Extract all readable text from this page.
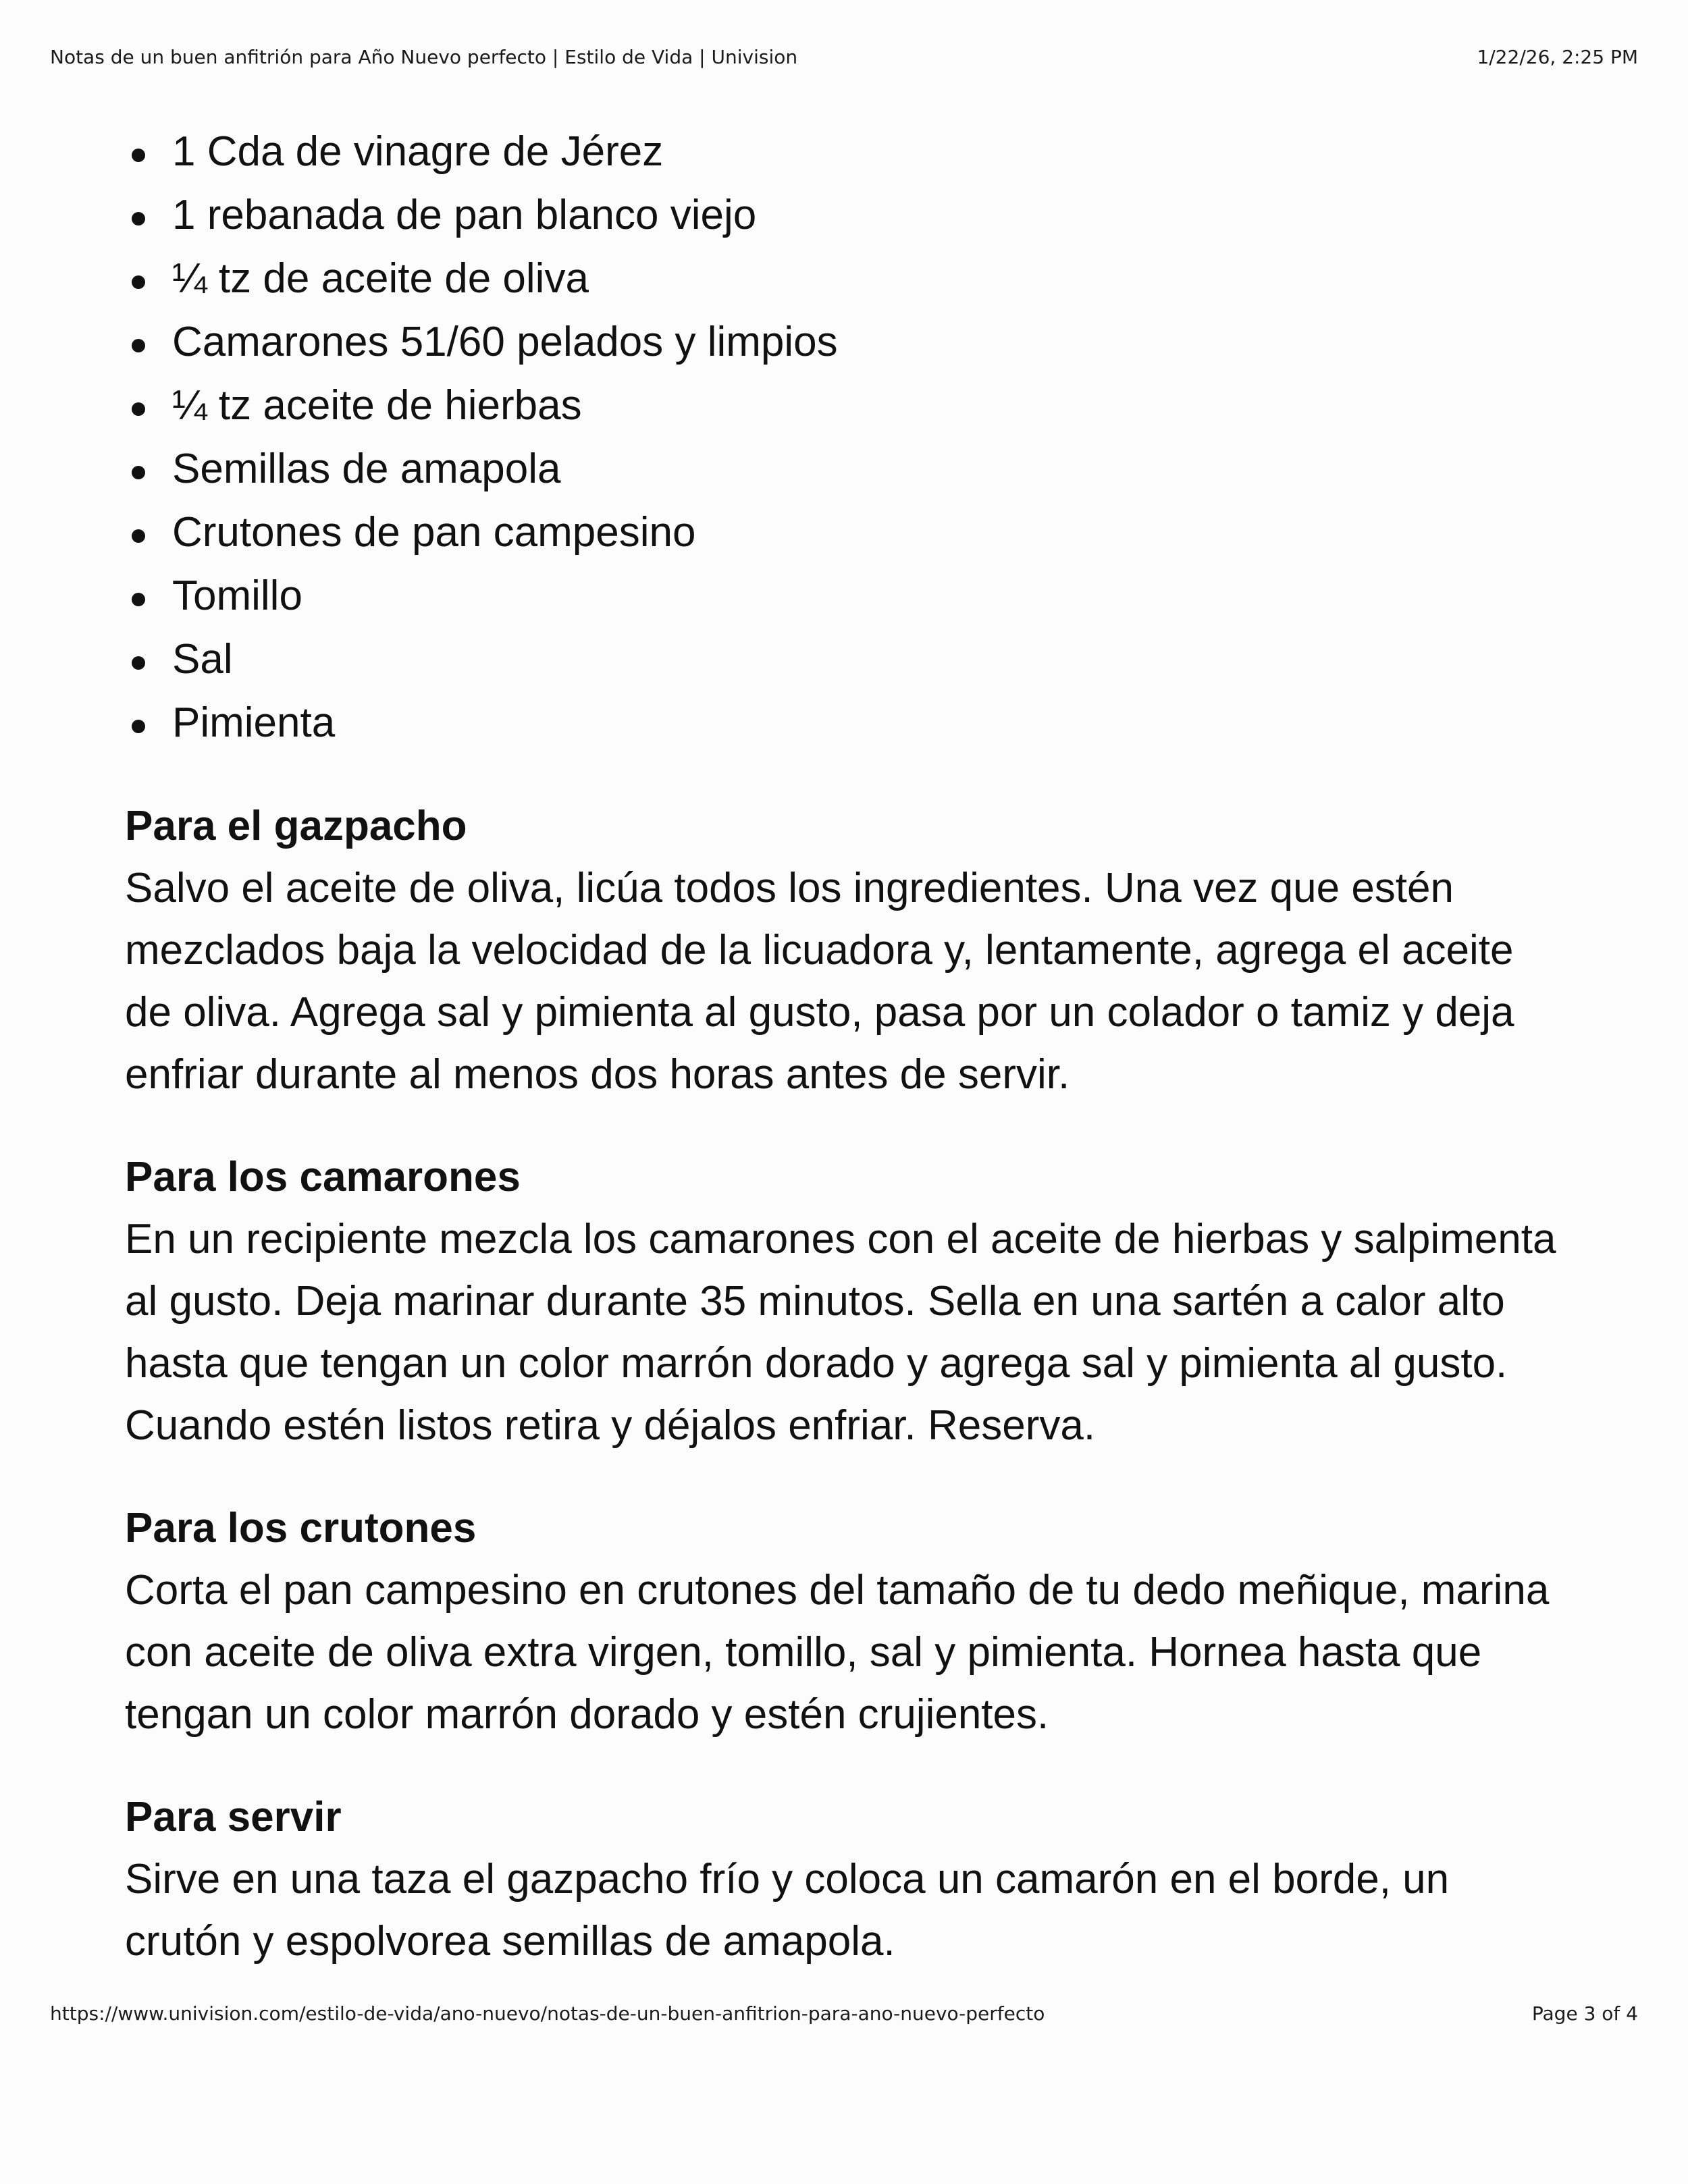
Notas de un buen anfitrión para Año Nuevo perfecto | Estilo de Vida | Univision	1/22/26, 2:25 PM
1 Cda de vinagre de Jérez
1 rebanada de pan blanco viejo
¼ tz de aceite de oliva
Camarones 51/60 pelados y limpios
¼ tz aceite de hierbas
Semillas de amapola
Crutones de pan campesino
Tomillo
Sal
Pimienta

Para el gazpacho

Salvo el aceite de oliva, licúa todos los ingredientes. Una vez que estén
mezclados baja la velocidad de la licuadora y, lentamente, agrega el aceite
de oliva. Agrega sal y pimienta al gusto, pasa por un colador o tamiz y deja
enfriar durante al menos dos horas antes de servir.

Para los camarones

En un recipiente mezcla los camarones con el aceite de hierbas y salpimenta
al gusto. Deja marinar durante 35 minutos. Sella en una sartén a calor alto
hasta que tengan un color marrón dorado y agrega sal y pimienta al gusto.
Cuando estén listos retira y déjalos enfriar. Reserva.

Para los crutones

Corta el pan campesino en crutones del tamaño de tu dedo meñique, marina
con aceite de oliva extra virgen, tomillo, sal y pimienta. Hornea hasta que
tengan un color marrón dorado y estén crujientes.

Para servir

Sirve en una taza el gazpacho frío y coloca un camarón en el borde, un
crutón y espolvorea semillas de amapola.

https://www.univision.com/estilo-de-vida/ano-nuevo/notas-de-un-buen-anfitrion-para-ano-nuevo-perfecto	Page 3 of 4
